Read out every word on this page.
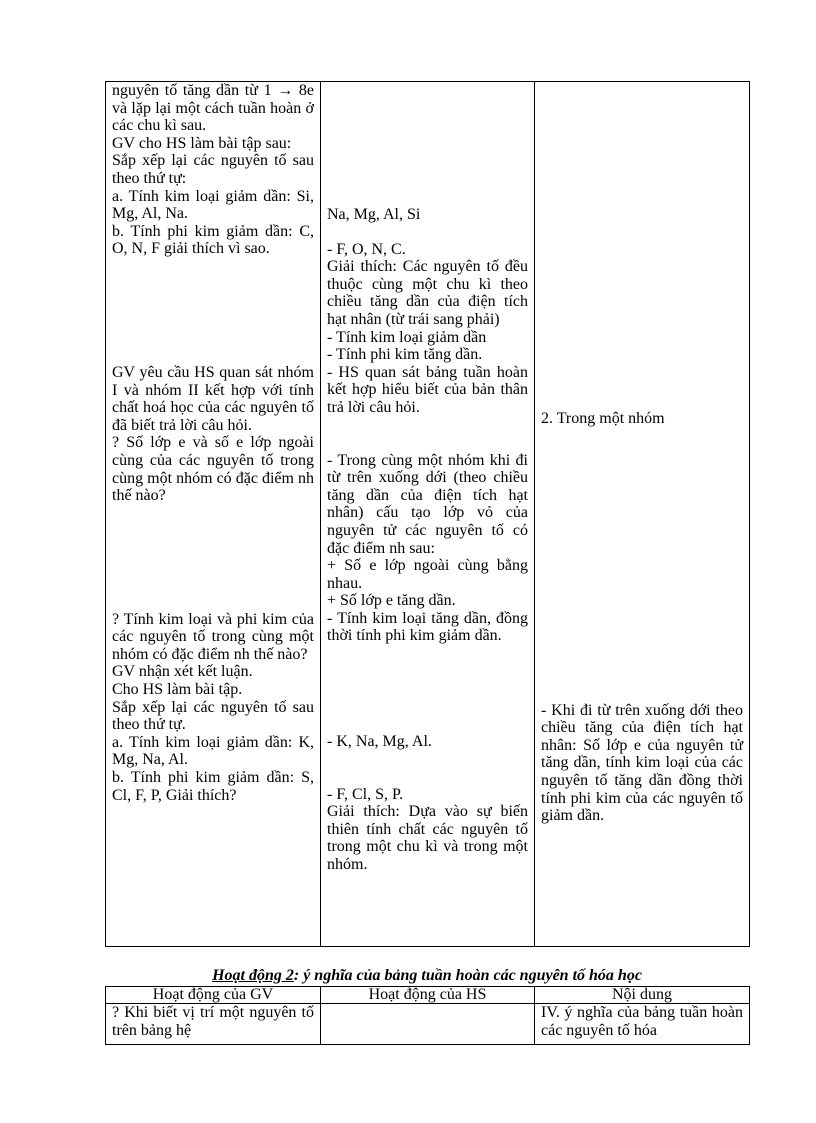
nguyên tố tăng dần từ 1 → 8e và lặp lại một cách tuần hoàn ở các chu kì sau.
GV cho HS làm bài tập sau:
Sắp xếp lại các nguyên tố sau theo thứ tự:
a. Tính kim loại giảm dần: Si, Mg, Al, Na.
b. Tính phi kim giảm dần: C, O, N, F giải thích vì sao.
GV yêu cầu HS quan sát nhóm I và nhóm II kết hợp với tính chất hoá học của các nguyên tố đã biết trả lời câu hỏi.
? Số lớp e và số e lớp ngoài cùng của các nguyên tố trong cùng một nhóm có đặc điểm nh thế nào?
? Tính kim loại và phi kim của các nguyên tố trong cùng một nhóm có đặc điểm nh thế nào?
GV nhận xét kết luận.
Cho HS làm bài tập.
Sắp xếp lại các nguyên tố sau theo thứ tự.
a. Tính kim loại giảm dần: K, Mg, Na, Al.
b. Tính phi kim giảm dần: S, Cl, F, P, Giải thích?

Na, Mg, Al, Si
- F, O, N, C.
Giải thích: Các nguyên tố đều thuộc cùng một chu kì theo chiều tăng dần của điện tích hạt nhân (từ trái sang phải)
- Tính kim loại giảm dần
- Tính phi kim tăng dần.
- HS quan sát bảng tuần hoàn kết hợp hiểu biết của bản thân trả lời câu hỏi.
- Trong cùng một nhóm khi đi từ trên xuống dới (theo chiều tăng dần của điện tích hạt nhân) cấu tạo lớp vỏ của nguyên tử các nguyên tố có đặc điểm nh sau:
+ Số e lớp ngoài cùng bằng nhau.
+ Số lớp e tăng dần.
- Tính kim loại tăng dần, đồng thời tính phi kim giảm dần.
- K, Na, Mg, Al.
- F, Cl, S, P.
Giải thích: Dựa vào sự biến thiên tính chất các nguyên tố trong một chu kì và trong một nhóm.

2. Trong một nhóm
- Khi đi từ trên xuống dới theo chiều tăng của điện tích hạt nhân: Số lớp e của nguyên tử tăng dần, tính kim loại của các nguyên tố tăng dần đồng thời tính phi kim của các nguyên tố giảm dần.
Hoạt động 2: ý nghĩa của bảng tuần hoàn các nguyên tố hóa học
Hoạt động của GV	Hoạt động của HS	Nội dung

? Khi biết vị trí một nguyên tố trên bảng hệ		IV. ý nghĩa của bảng tuần hoàn các nguyên tố hóa
